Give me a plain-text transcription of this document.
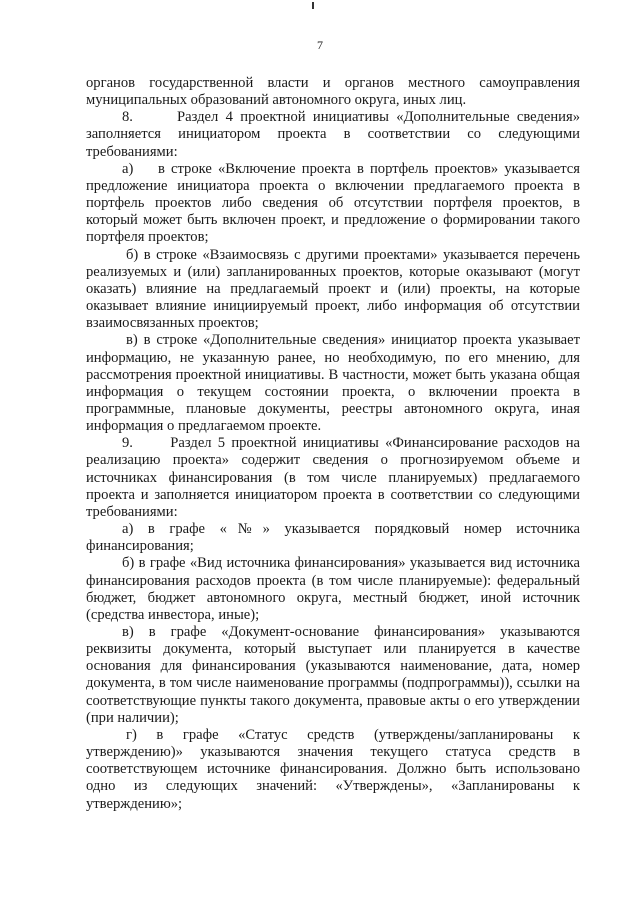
7

органов государственной власти и органов местного самоуправления муниципальных образований автономного округа, иных лиц.

8.      Раздел 4 проектной инициативы «Дополнительные сведения» заполняется инициатором проекта в соответствии со следующими требованиями:

а)    в строке «Включение проекта в портфель проектов» указывается предложение инициатора проекта о включении предлагаемого проекта в портфель проектов либо сведения об отсутствии портфеля проектов, в который может быть включен проект, и предложение о формировании такого портфеля проектов;

б) в строке «Взаимосвязь с другими проектами» указывается перечень реализуемых и (или) запланированных проектов, которые оказывают (могут оказать) влияние на предлагаемый проект и (или) проекты, на которые оказывает влияние инициируемый проект, либо информация об отсутствии взаимосвязанных проектов;

в) в строке «Дополнительные сведения» инициатор проекта указывает информацию, не указанную ранее, но необходимую, по его мнению, для рассмотрения проектной инициативы. В частности, может быть указана общая информация о текущем состоянии проекта, о включении проекта в программные, плановые документы, реестры автономного округа, иная информация о предлагаемом проекте.

9.      Раздел 5 проектной инициативы «Финансирование расходов на реализацию проекта» содержит сведения о прогнозируемом объеме и источниках финансирования (в том числе планируемых) предлагаемого проекта и заполняется инициатором проекта в соответствии со следующими требованиями:

а) в графе «№» указывается порядковый номер источника финансирования;

б) в графе «Вид источника финансирования» указывается вид источника финансирования расходов проекта (в том числе планируемые): федеральный бюджет, бюджет автономного округа, местный бюджет, иной источник (средства инвестора, иные);

в) в графе «Документ-основание финансирования» указываются реквизиты документа, который выступает или планируется в качестве основания для финансирования (указываются наименование, дата, номер документа, в том числе наименование программы (подпрограммы)), ссылки на соответствующие пункты такого документа, правовые акты о его утверждении (при наличии);

г) в графе «Статус средств (утверждены/запланированы к утверждению)» указываются значения текущего статуса средств в соответствующем источнике финансирования. Должно быть использовано одно из следующих значений: «Утверждены», «Запланированы к утверждению»;
